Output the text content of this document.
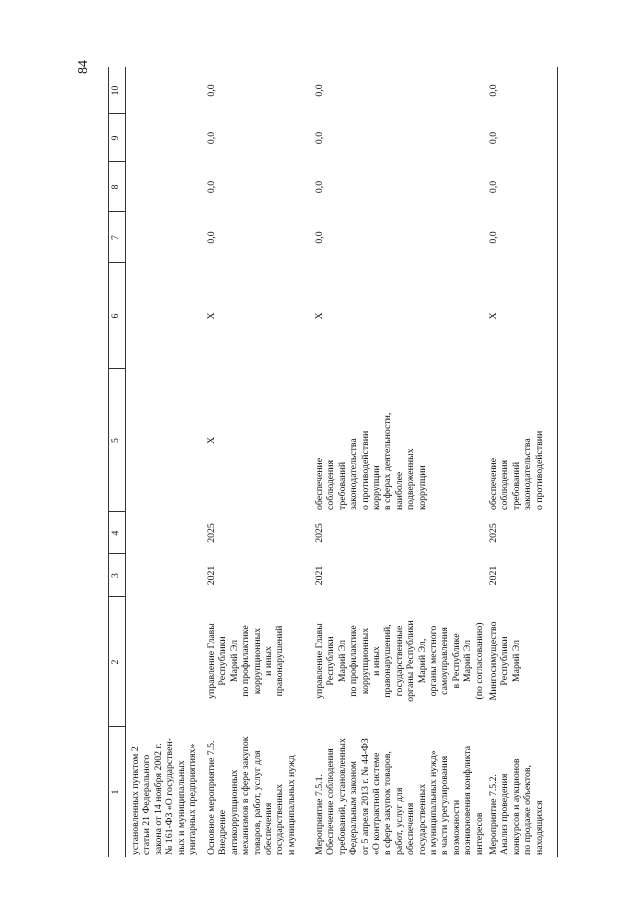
84
1
2
3
4
5
6
7
8
9
10
установленных пунктом 2
статьи 21 Федерального
закона от 14 ноября 2002 г.
№ 161-ФЗ «О государствен-
ных и муниципальных
унитарных предприятиях»
Основное мероприятие 7.5.
Внедрение
антикоррупционных
механизмов в сфере закупок
товаров, работ, услуг для
обеспечения
государственных
и муниципальных нужд
управление Главы
Республики
Марий Эл
по профилактике
коррупционных
и иных
правонарушений
2021
2025
X
X
0,0
0,0
0,0
0,0
Мероприятие 7.5.1.
Обеспечение соблюдения
требований, установленных
Федеральным законом
от 5 апреля 2013 г. № 44-ФЗ
«О контрактной системе
в сфере закупок товаров,
работ, услуг для
обеспечения
государственных
и муниципальных нужд»
в части урегулирования
возможности
возникновения конфликта
интересов
управление Главы
Республики
Марий Эл
по профилактике
коррупционных
и иных
правонарушений,
государственные
органы Республики
Марий Эл,
органы местного
самоуправления
в Республике
Марий Эл
(по согласованию)
2021
2025
обеспечение
соблюдения
требований
законодательства
о противодействии
коррупции
в сферах деятельности,
наиболее
подверженных
коррупции
X
0,0
0,0
0,0
0,0
Мероприятие 7.5.2.
Анализ проведения
конкурсов и аукционов
по продаже объектов,
находящихся
Мингосимущество
Республики
Марий Эл
2021
2025
обеспечение
соблюдения
требований
законодательства
о противодействии
X
0,0
0,0
0,0
0,0
